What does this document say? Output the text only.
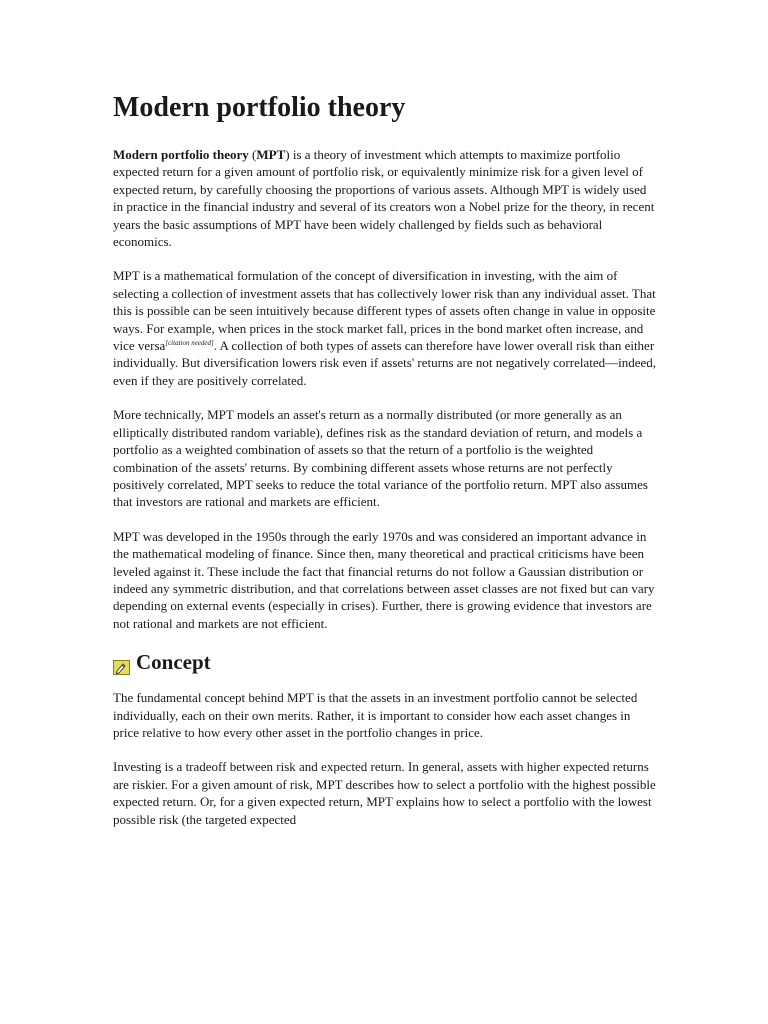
Modern portfolio theory

Modern portfolio theory (MPT) is a theory of investment which attempts to maximize portfolio expected return for a given amount of portfolio risk, or equivalently minimize risk for a given level of expected return, by carefully choosing the proportions of various assets. Although MPT is widely used in practice in the financial industry and several of its creators won a Nobel prize for the theory, in recent years the basic assumptions of MPT have been widely challenged by fields such as behavioral economics.

MPT is a mathematical formulation of the concept of diversification in investing, with the aim of selecting a collection of investment assets that has collectively lower risk than any individual asset. That this is possible can be seen intuitively because different types of assets often change in value in opposite ways. For example, when prices in the stock market fall, prices in the bond market often increase, and vice versa[citation needed]. A collection of both types of assets can therefore have lower overall risk than either individually. But diversification lowers risk even if assets' returns are not negatively correlated—indeed, even if they are positively correlated.

More technically, MPT models an asset's return as a normally distributed (or more generally as an elliptically distributed random variable), defines risk as the standard deviation of return, and models a portfolio as a weighted combination of assets so that the return of a portfolio is the weighted combination of the assets' returns. By combining different assets whose returns are not perfectly positively correlated, MPT seeks to reduce the total variance of the portfolio return. MPT also assumes that investors are rational and markets are efficient.

MPT was developed in the 1950s through the early 1970s and was considered an important advance in the mathematical modeling of finance. Since then, many theoretical and practical criticisms have been leveled against it. These include the fact that financial returns do not follow a Gaussian distribution or indeed any symmetric distribution, and that correlations between asset classes are not fixed but can vary depending on external events (especially in crises). Further, there is growing evidence that investors are not rational and markets are not efficient.

Concept

The fundamental concept behind MPT is that the assets in an investment portfolio cannot be selected individually, each on their own merits. Rather, it is important to consider how each asset changes in price relative to how every other asset in the portfolio changes in price.

Investing is a tradeoff between risk and expected return. In general, assets with higher expected returns are riskier. For a given amount of risk, MPT describes how to select a portfolio with the highest possible expected return. Or, for a given expected return, MPT explains how to select a portfolio with the lowest possible risk (the targeted expected
